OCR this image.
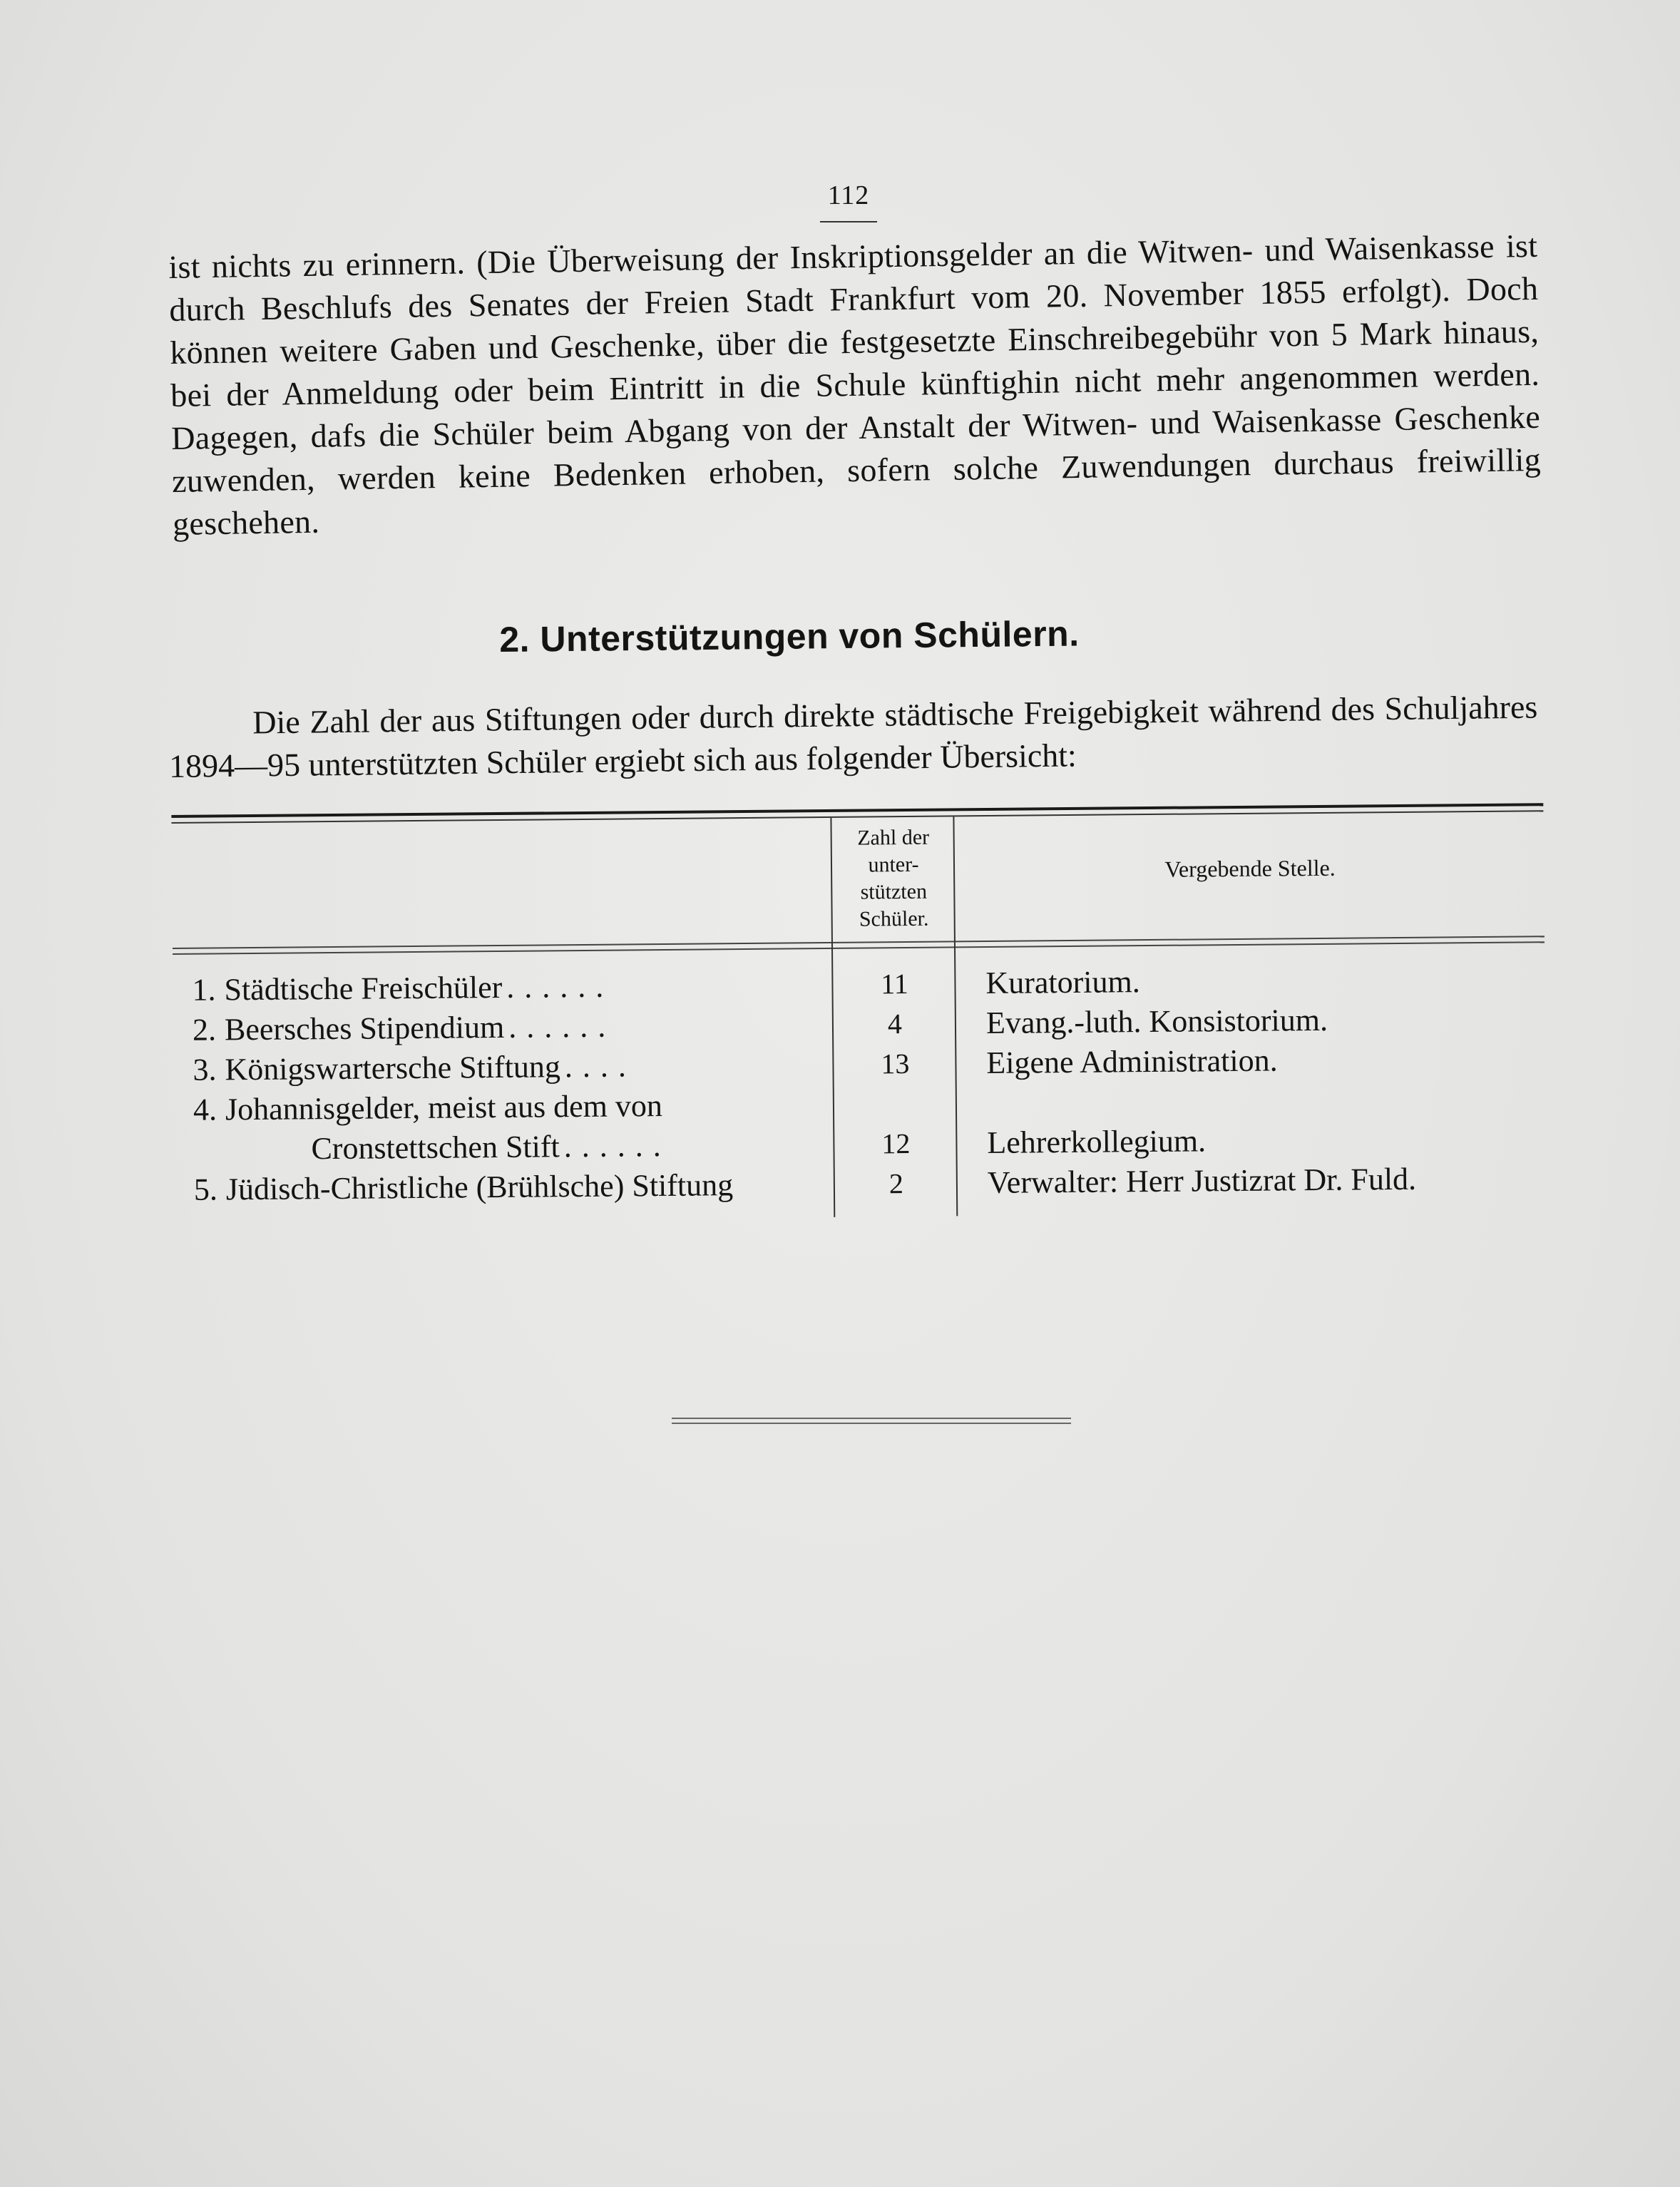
112

ist nichts zu erinnern. (Die Überweisung der Inskriptionsgelder an die Witwen- und Waisenkasse ist durch Beschlufs des Senates der Freien Stadt Frankfurt vom 20. November 1855 erfolgt). Doch können weitere Gaben und Geschenke, über die festgesetzte Einschreibegebühr von 5 Mark hinaus, bei der Anmeldung oder beim Eintritt in die Schule künftighin nicht mehr angenommen werden. Dagegen, dafs die Schüler beim Abgang von der Anstalt der Witwen- und Waisenkasse Geschenke zuwenden, werden keine Bedenken erhoben, sofern solche Zuwendungen durchaus freiwillig geschehen.

2. Unterstützungen von Schülern.

Die Zahl der aus Stiftungen oder durch direkte städtische Freigebigkeit während des Schuljahres 1894—95 unterstützten Schüler ergiebt sich aus folgender Übersicht:

Zahl der
unter-
stützten
Schüler.
Vergebende Stelle.
1. Städtische Freischüler ......	11	Kuratorium.
2. Beersches Stipendium ......	4	Evang.-luth. Konsistorium.
3. Königswartersche Stiftung ....	13	Eigene Administration.
4. Johannisgelder, meist aus dem von
Cronstettschen Stift ......	12	Lehrerkollegium.
5. Jüdisch-Christliche (Brühlsche) Stiftung	2	Verwalter: Herr Justizrat Dr. Fuld.
